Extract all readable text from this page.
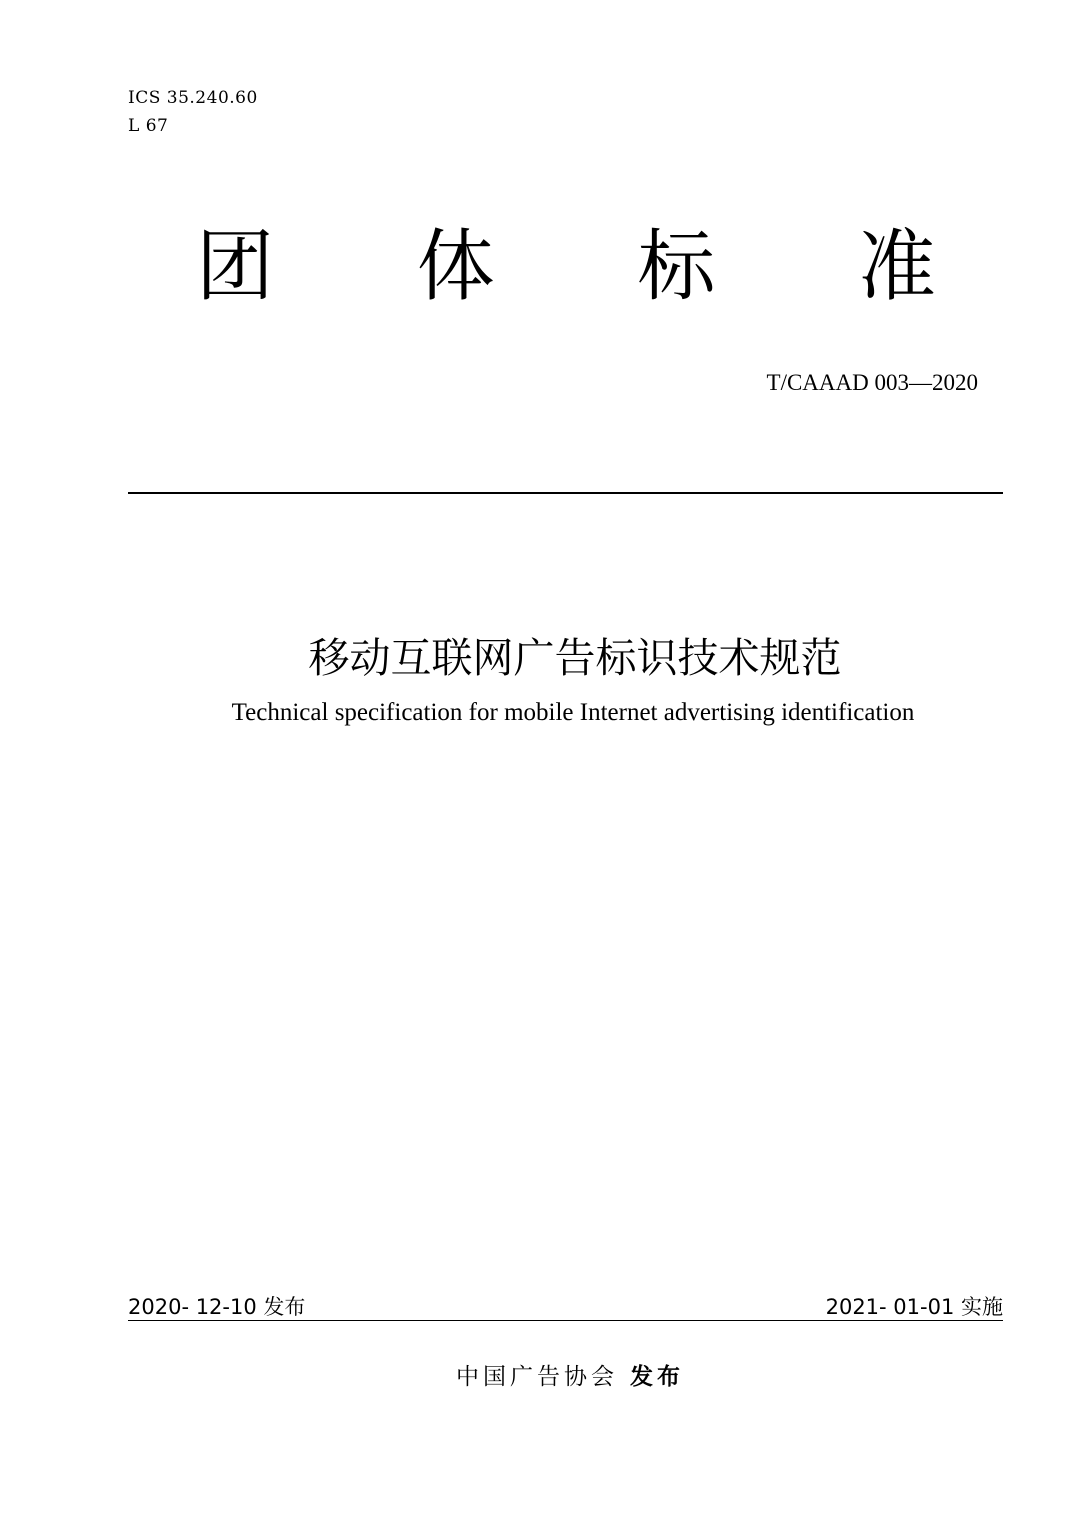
ICS 35.240.60
L 67
团 体 标 准
T/CAAAD 003—2020
移动互联网广告标识技术规范
Technical specification for mobile Internet advertising identification
2020- 12-10 发布	2021- 01-01 实施
中国广告协会 发布
